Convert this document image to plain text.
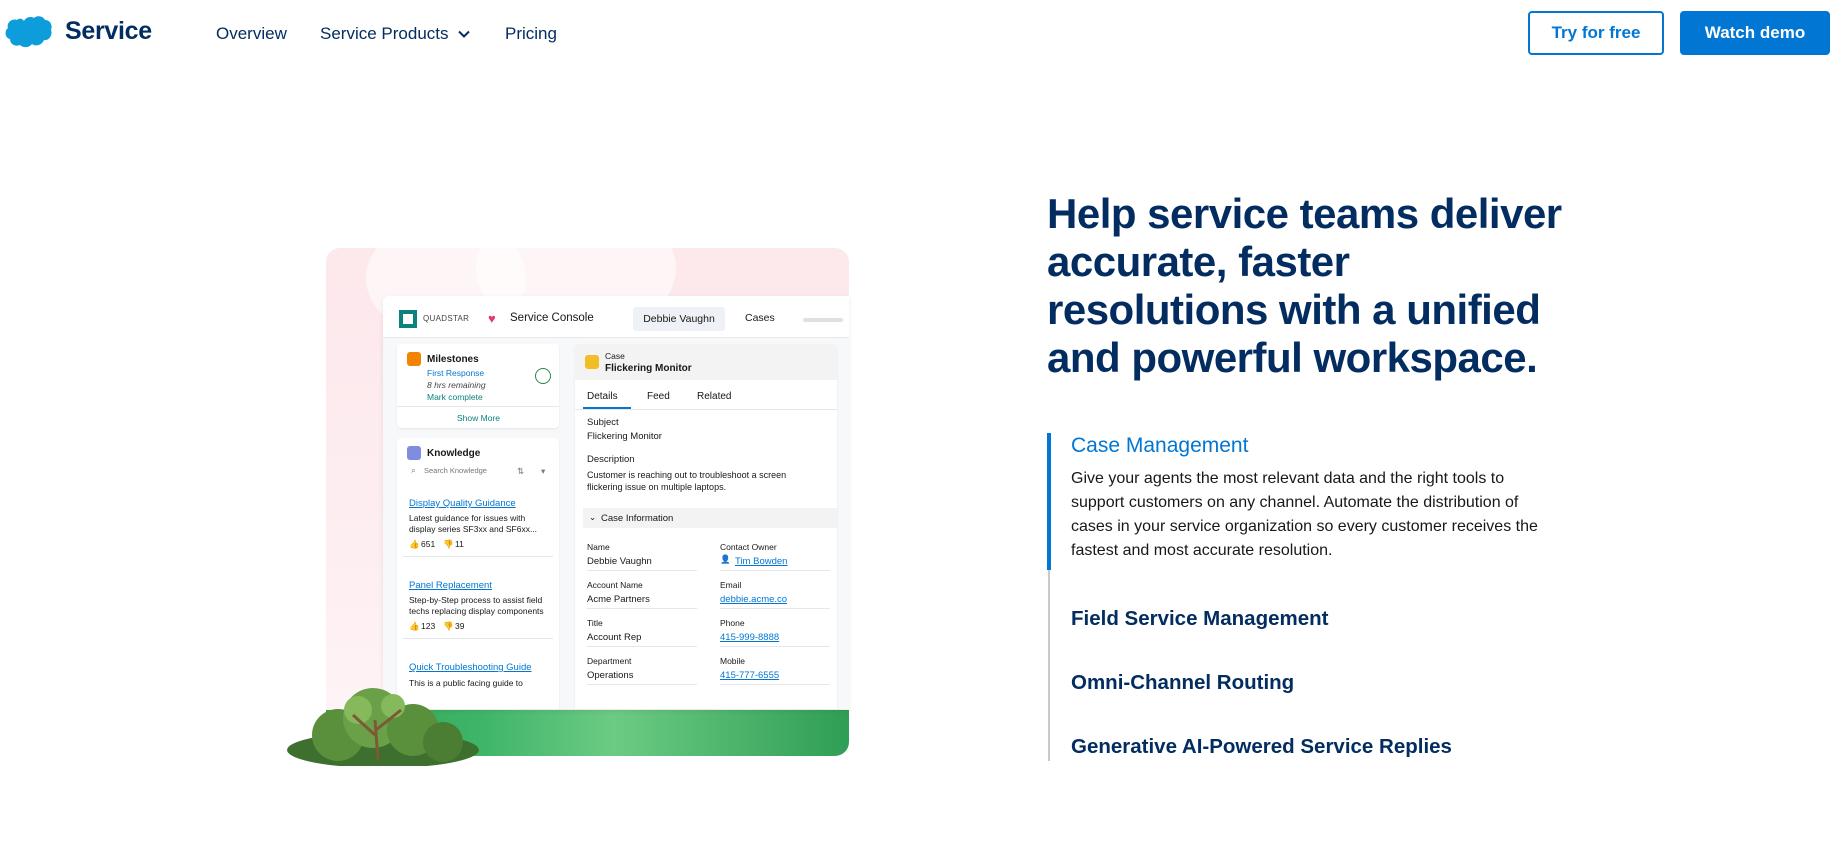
Service	Overview Service Products	Pricing	Try for free	Watch demo
QUADSTAR ♥ Service Console	Debbie Vaughn	Cases
Milestones
First Response
8 hrs remaining
Mark complete
Show More
Knowledge
⌕ Search Knowledge	⇅ ▾
Display Quality Guidance
Latest guidance for issues with
display series SF3xx and SF6xx...
👍 651 👎 11
Panel Replacement
Step-by-Step process to assist field
techs replacing display components
👍 123 👎 39
Quick Troubleshooting Guide
This is a public facing guide to
Case
Flickering Monitor
Details	Feed	Related
Subject
Flickering Monitor
Description
Customer is reaching out to troubleshoot a screen
flickering issue on multiple laptops.
⌄ Case Information
Name
Debbie Vaughn
Contact Owner
👤 Tim Bowden
Account Name
Acme Partners
Email
debbie.acme.co
Title
Account Rep
Phone
415-999-8888
Department
Operations
Mobile
415-777-6555
Help service teams deliver accurate, faster resolutions with a unified and powerful workspace.
Case Management

Give your agents the most relevant data and the right tools to support customers on any channel. Automate the distribution of cases in your service organization so every customer receives the fastest and most accurate resolution.

Field Service Management
Omni-Channel Routing
Generative AI-Powered Service Replies
